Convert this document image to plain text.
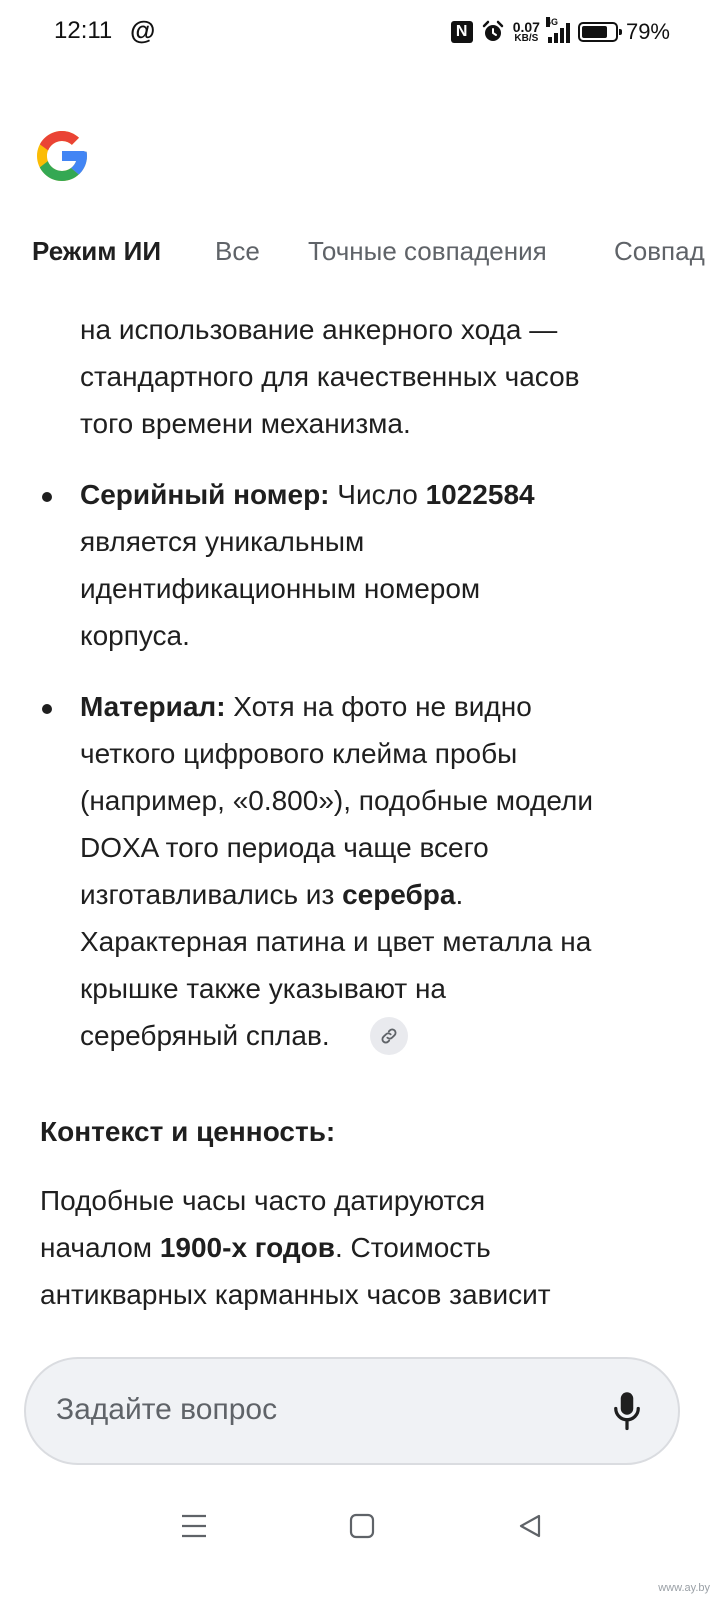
12:11 @	N	0.07
KB/S
4G	79%
Режим ИИ Все Точные совпадения	Совпад
на использование анкерного хода —
стандартного для качественных часов
того времени механизма.
Серийный номер: Число 1022584
является уникальным
идентификационным номером
корпуса.
Материал: Хотя на фото не видно
четкого цифрового клейма пробы
(например, «0.800»), подобные модели
DOXA того периода чаще всего
изготавливались из серебра.
Характерная патина и цвет металла на
крышке также указывают на
серебряный сплав.
Контекст и ценность:
Подобные часы часто датируются
началом 1900-х годов. Стоимость
антикварных карманных часов зависит
Задайте вопрос
www.ay.by
